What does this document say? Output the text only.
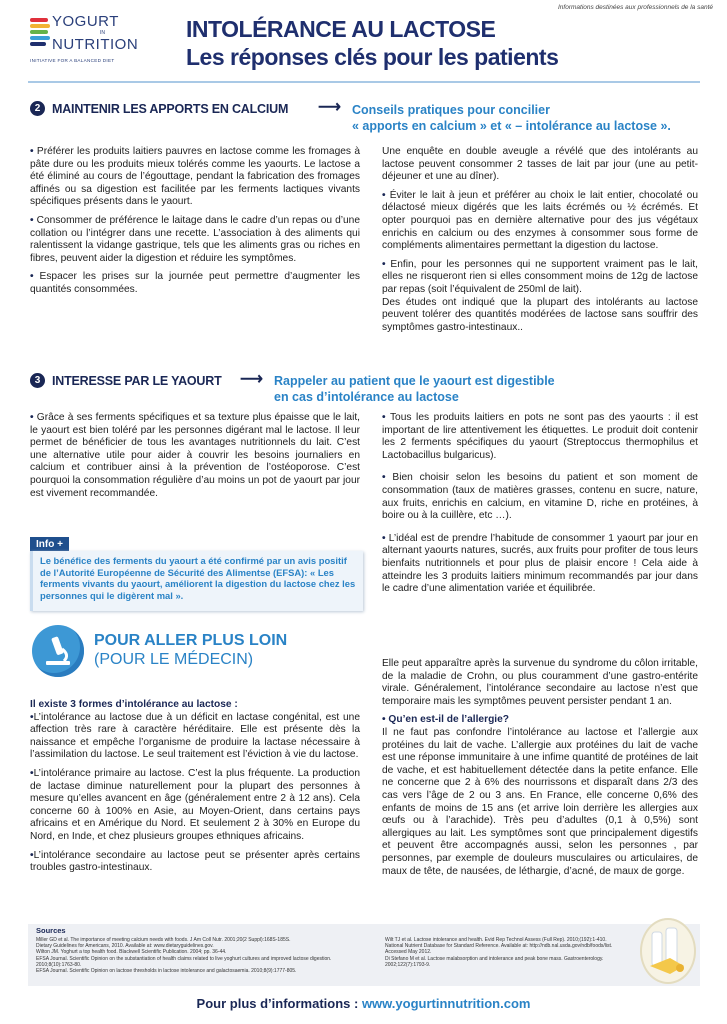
Informations destinées aux professionnels de la santé
YOGURT
IN
NUTRITION
INITIATIVE FOR A BALANCED DIET
INTOLÉRANCE AU LACTOSE
Les réponses clés pour les patients
2 MAINTENIR LES APPORTS EN CALCIUM ⟶ Conseils pratiques pour concilier
« apports en calcium » et « – intolérance au lactose ».

• Préférer les produits laitiers pauvres en lactose comme les fromages à pâte dure ou les produits mieux tolérés comme les yaourts. Le lactose a été éliminé au cours de l’égouttage, pendant la fabrication des fromages affinés ou sa digestion est facilitée par les ferments lactiques vivants spécifiques présents dans le yaourt.

• Consommer de préférence le laitage dans le cadre d’un repas ou d’une collation ou l’intégrer dans une recette. L’association à des aliments qui ralentissent la vidange gastrique, tels que les aliments gras ou riches en fibres, peuvent aider la digestion et réduire les symptômes.

• Espacer les prises sur la journée peut permettre d’augmenter les quantités consommées.

Une enquête en double aveugle a révélé que des intolérants au lactose peuvent consommer 2 tasses de lait par jour (une au petit-déjeuner et une au dîner).

• Éviter le lait à jeun et préférer au choix le lait entier, chocolaté ou délactosé mieux digérés que les laits écrémés ou ½ écrémés. Et opter pourquoi pas en dernière alternative pour des jus végétaux enrichis en calcium ou des enzymes à consommer sous forme de compléments alimentaires permettant la digestion du lactose.

• Enfin, pour les personnes qui ne supportent vraiment pas le lait, elles ne risqueront rien si elles consomment moins de 12g de lactose par repas (soit l’équivalent de 250ml de lait).

Des études ont indiqué que la plupart des intolérants au lactose peuvent tolérer des quantités modérées de lactose sans souffrir des symptômes gastro-intestinaux..

3 INTERESSE PAR LE YAOURT ⟶ Rappeler au patient que le yaourt est digestible
en cas d’intolérance au lactose

• Grâce à ses ferments spécifiques et sa texture plus épaisse que le lait, le yaourt est bien toléré par les personnes digérant mal le lactose. Il leur permet de bénéficier de tous les avantages nutritionnels du lait. C’est une alternative utile pour aider à couvrir les besoins journaliers en calcium et contribuer ainsi à la prévention de l’ostéoporose. C’est pourquoi la consommation régulière d’au moins un pot de yaourt par jour est vivement recommandée.

• Tous les produits laitiers en pots ne sont pas des yaourts : il est important de lire attentivement les étiquettes. Le produit doit contenir les 2 ferments spécifiques du yaourt (Streptoccus thermophilus et Lactobacillus bulgaricus).

• Bien choisir selon les besoins du patient et son moment de consommation (taux de matières grasses, contenu en sucre, nature, aux fruits, enrichis en calcium, en vitamine D, riche en protéines, à boire ou à la cuillère, etc …).

• L’idéal est de prendre l’habitude de consommer 1 yaourt par jour en alternant yaourts natures, sucrés, aux fruits pour profiter de tous leurs bienfaits nutritionnels et pour plus de plaisir encore ! Cela aide à atteindre les 3 produits laitiers minimum recommandés par jour dans le cadre d’une alimentation variée et équilibrée.

Info +
Le bénéfice des ferments du yaourt a été confirmé par un avis positif de l’Autorité Européenne de Sécurité des Alimentse (EFSA): « Les ferments vivants du yaourt, améliorent la digestion du lactose chez les personnes qui le digèrent mal ».
POUR ALLER PLUS LOIN
(POUR LE MÉDECIN)

Il existe 3 formes d’intolérance au lactose :

•L’intolérance au lactose due à un déficit en lactase congénital, est une affection très rare à caractère héréditaire. Elle est présente dès la naissance et empêche l’organisme de produire la lactase nécessaire à l’assimilation du lactose. Le seul traitement est l’éviction à vie du lactose.

•L’intolérance primaire au lactose. C’est la plus fréquente. La production de lactase diminue naturellement pour la plupart des personnes à mesure qu’elles avancent en âge (généralement entre 2 à 12 ans). Cela concerne 60 à 100% en Asie, au Moyen-Orient, dans certains pays africains et en Amérique du Nord. Et seulement 2 à 30% en Europe du Nord, en Inde, et chez plusieurs groupes ethniques africains.

•L’intolérance secondaire au lactose peut se présenter après certains troubles gastro-intestinaux.

Elle peut apparaître après la survenue du syndrome du côlon irritable, de la maladie de Crohn, ou plus couramment d’une gastro-entérite virale. Généralement, l’intolérance secondaire au lactose n’est que temporaire mais les symptômes peuvent persister pendant 1 an.

• Qu’en est-il de l’allergie?

Il ne faut pas confondre l’intolérance au lactose et l’allergie aux protéines du lait de vache. L’allergie aux protéines du lait de vache est une réponse immunitaire à une infime quantité de protéines de lait de vache, et est habituellement détectée dans la petite enfance. Elle ne concerne que 2 à 6% des nourrissons et disparaît dans 2/3 des cas vers l’âge de 2 ou 3 ans. En France, elle concerne 0,6% des enfants de moins de 15 ans (et arrive loin derrière les allergies aux œufs ou à l’arachide). Très peu d’adultes (0,1 à 0,5%) sont allergiques au lait. Les symptômes sont que principalement digestifs et peuvent être accompagnés aussi, selon les personnes , par personnes, par exemple de douleurs musculaires ou articulaires, de maux de tête, de nausées, de léthargie, d’acné, de maux de gorge.

Sources
Miller GD et al. The importance of meeting calcium needs with foods. J Am Coll Nutr. 2001;20(2 Suppl):168S-185S.
Dietary Guidelines for Americans, 2010. Available at: www.dietaryguidelines.gov.
Wilton JM. Yoghurt a top health food. Blackwell Scientific Publication. 2004; pp. 36-44.
EFSA Journal. Scientific Opinion on the substantiation of health claims related to live yoghurt cultures and improved lactose digestion. 2010;8(10):1763-80.
EFSA Journal. Scientific Opinion on lactose thresholds in lactose intolerance and galactosaemia. 2010;8(9):1777-805.
Wilt TJ et al. Lactose intolerance and health. Evid Rep Technol Assess (Full Rep). 2010;(192):1-410.
National Nutrient Database for Standard Reference. Available at: http://ndb.nal.usda.gov/ndb/foods/list. Accessed May 2012.
Di Stefano M et al. Lactose malabsorption and intolerance and peak bone mass. Gastroenterology. 2002;122(7):1793-9.
Pour plus d’informations : www.yogurtinnutrition.com
